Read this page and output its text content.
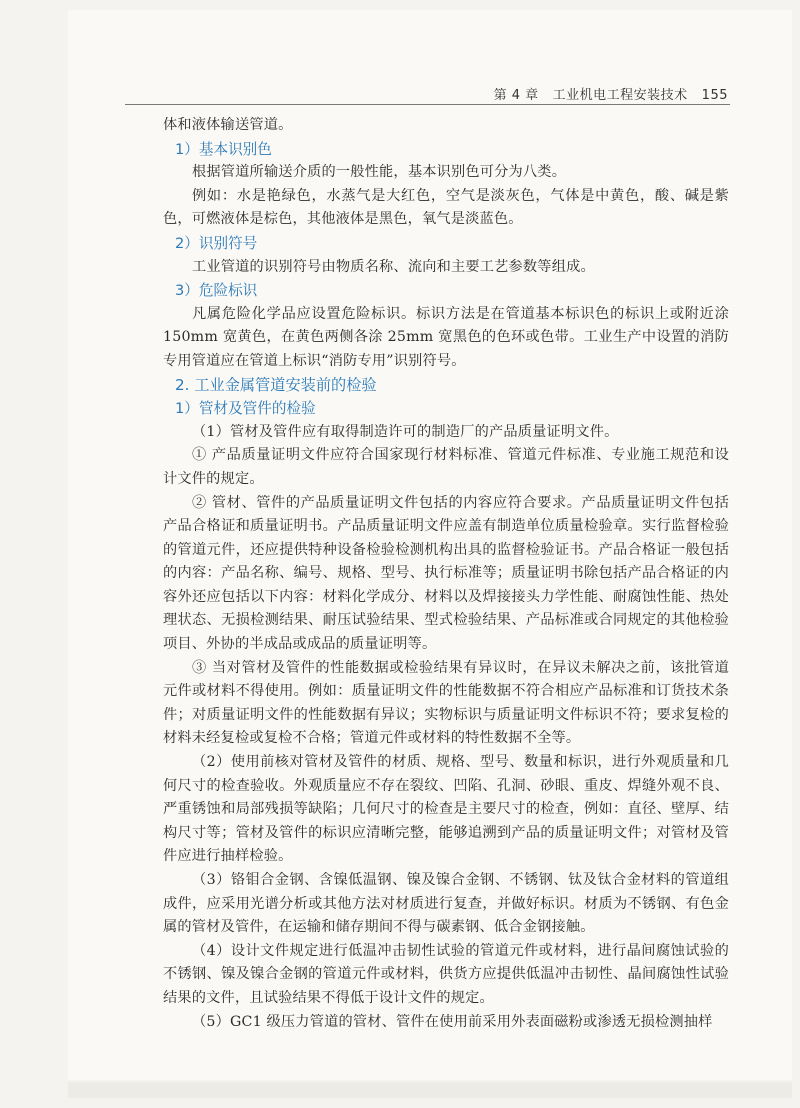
第 4 章 工业机电工程安装技术 155

体和液体输送管道。

1）基本识别色

根据管道所输送介质的一般性能，基本识别色可分为八类。

例如：水是艳绿色，水蒸气是大红色，空气是淡灰色，气体是中黄色，酸、碱是紫色，可燃液体是棕色，其他液体是黑色，氧气是淡蓝色。

2）识别符号

工业管道的识别符号由物质名称、流向和主要工艺参数等组成。

3）危险标识

凡属危险化学品应设置危险标识。标识方法是在管道基本标识色的标识上或附近涂 150mm 宽黄色，在黄色两侧各涂 25mm 宽黑色的色环或色带。工业生产中设置的消防专用管道应在管道上标识“消防专用”识别符号。

2. 工业金属管道安装前的检验
1）管材及管件的检验

（1）管材及管件应有取得制造许可的制造厂的产品质量证明文件。

① 产品质量证明文件应符合国家现行材料标准、管道元件标准、专业施工规范和设计文件的规定。

② 管材、管件的产品质量证明文件包括的内容应符合要求。产品质量证明文件包括产品合格证和质量证明书。产品质量证明文件应盖有制造单位质量检验章。实行监督检验的管道元件，还应提供特种设备检验检测机构出具的监督检验证书。产品合格证一般包括的内容：产品名称、编号、规格、型号、执行标准等；质量证明书除包括产品合格证的内容外还应包括以下内容：材料化学成分、材料以及焊接接头力学性能、耐腐蚀性能、热处理状态、无损检测结果、耐压试验结果、型式检验结果、产品标准或合同规定的其他检验项目、外协的半成品或成品的质量证明等。

③ 当对管材及管件的性能数据或检验结果有异议时，在异议未解决之前，该批管道元件或材料不得使用。例如：质量证明文件的性能数据不符合相应产品标准和订货技术条件；对质量证明文件的性能数据有异议；实物标识与质量证明文件标识不符；要求复检的材料未经复检或复检不合格；管道元件或材料的特性数据不全等。

（2）使用前核对管材及管件的材质、规格、型号、数量和标识，进行外观质量和几何尺寸的检查验收。外观质量应不存在裂纹、凹陷、孔洞、砂眼、重皮、焊缝外观不良、严重锈蚀和局部残损等缺陷；几何尺寸的检查是主要尺寸的检查，例如：直径、壁厚、结构尺寸等；管材及管件的标识应清晰完整，能够追溯到产品的质量证明文件；对管材及管件应进行抽样检验。

（3）铬钼合金钢、含镍低温钢、镍及镍合金钢、不锈钢、钛及钛合金材料的管道组成件，应采用光谱分析或其他方法对材质进行复查，并做好标识。材质为不锈钢、有色金属的管材及管件，在运输和储存期间不得与碳素钢、低合金钢接触。

（4）设计文件规定进行低温冲击韧性试验的管道元件或材料，进行晶间腐蚀试验的不锈钢、镍及镍合金钢的管道元件或材料，供货方应提供低温冲击韧性、晶间腐蚀性试验结果的文件，且试验结果不得低于设计文件的规定。

（5）GC1 级压力管道的管材、管件在使用前采用外表面磁粉或渗透无损检测抽样
